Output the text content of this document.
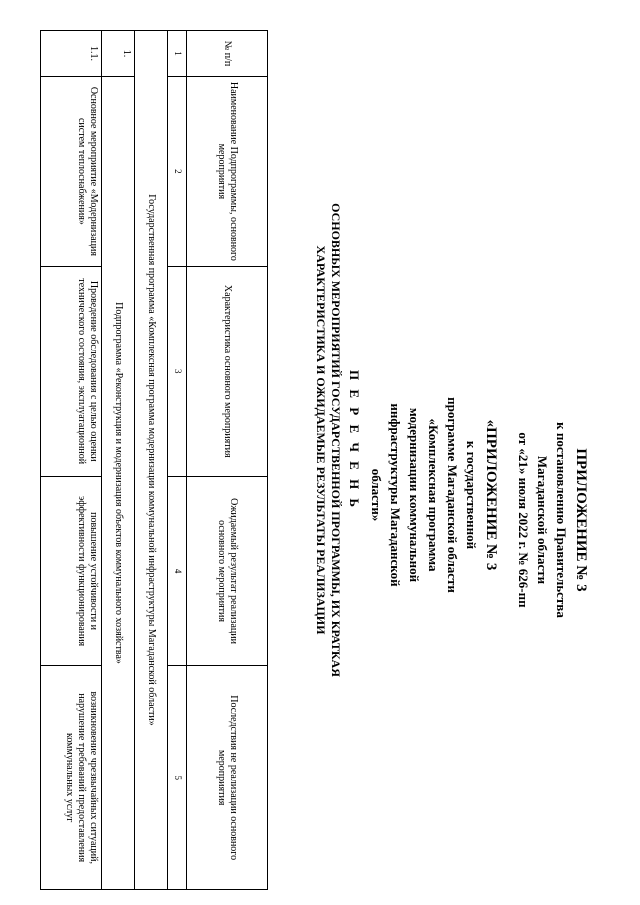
ПРИЛОЖЕНИЕ № 3
к постановлению Правительства
Магаданской области
от «21» июля 2022 г. № 626-пп
«ПРИЛОЖЕНИЕ № 3
к государственной
программе Магаданской области
«Комплексная программа
модернизации коммунальной
инфраструктуры Магаданской
области»
П Е Р Е Ч Е Н Ь
ОСНОВНЫХ МЕРОПРИЯТИЙ ГОСУДАРСТВЕННОЙ ПРОГРАММЫ, ИХ КРАТКАЯ
ХАРАКТЕРИСТИКА И ОЖИДАЕМЫЕ РЕЗУЛЬТАТЫ РЕАЛИЗАЦИИ
№ п/п	Наименование Подпрограммы, основного мероприятия	Характеристика основного мероприятия	Ожидаемый результат реализации основного мероприятия	Последствия не реализации основного мероприятия
1	2	3	4	5
Государственная программа «Комплексная программа модернизации коммунальной инфраструктуры Магаданской области»				
1.	Подпрограмма «Реконструкция и модернизация объектов коммунального хозяйства»			
1.1.	Основное мероприятие «Модернизация систем теплоснабжения»	Проведение обследования с целью оценки технического состояния, эксплуатационной	повышение устойчивости и эффективности функционирования	возникновение чрезвычайных ситуаций, нарушение требований предоставления коммунальных услуг
